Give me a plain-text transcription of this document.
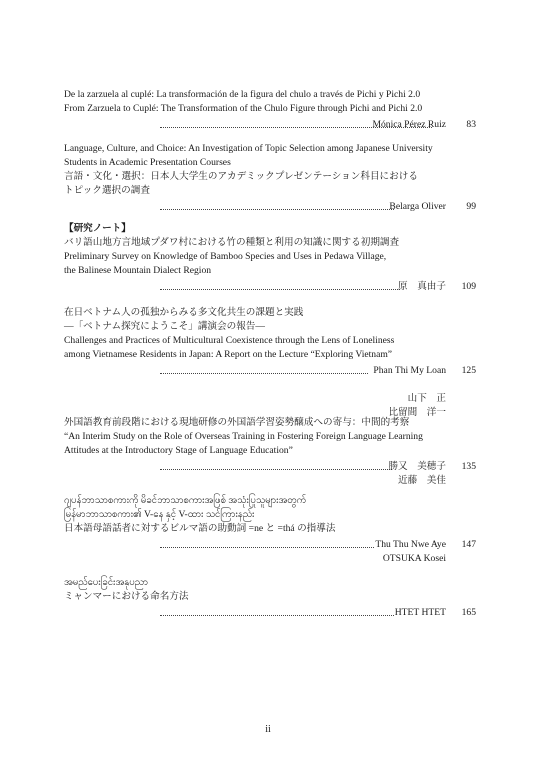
De la zarzuela al cuplé: La transformación de la figura del chulo a través de Pichi y Pichi 2.0
From Zarzuela to Cuplé: The Transformation of the Chulo Figure through Pichi and Pichi 2.0
Mónica Pérez Ruiz 83
Language, Culture, and Choice: An Investigation of Topic Selection among Japanese University
Students in Academic Presentation Courses
言語・文化・選択：日本人大学生のアカデミックプレゼンテーション科目における
トピック選択の調査
Belarga Oliver 99
【研究ノート】
バリ語山地方言地域プダワ村における竹の種類と利用の知識に関する初期調査
Preliminary Survey on Knowledge of Bamboo Species and Uses in Pedawa Village,
the Balinese Mountain Dialect Region
原　真由子 109
在日ベトナム人の孤独からみる多文化共生の課題と実践
―「ベトナム探究にようこそ」講演会の報告―
Challenges and Practices of Multicultural Coexistence through the Lens of Loneliness
among Vietnamese Residents in Japan: A Report on the Lecture “Exploring Vietnam”
Phan Thi My Loan 125
山下　正
比留間　洋一
外国語教育前段階における現地研修の外国語学習姿勢醸成への寄与：中間的考察
“An Interim Study on the Role of Overseas Training in Fostering Foreign Language Learning
Attitudes at the Introductory Stage of Language Education”
勝又　美穂子 135
近藤　美佳
ဂျပန်ဘာသာစကားကို မိခင်ဘာသာစကားအဖြစ် အသုံးပြုသူများအတွက်
မြန်မာဘာသာစကား၏ V-နေ နှင့် V-ထား သင်ကြားနည်း
日本語母語話者に対するビルマ語の助動詞 =ne と =thá の指導法
Thu Thu Nwe Aye 147
OTSUKA Kosei
အမည်ပေးခြင်းအနုပညာ
ミャンマーにおける命名方法
HTET HTET 165
ii
